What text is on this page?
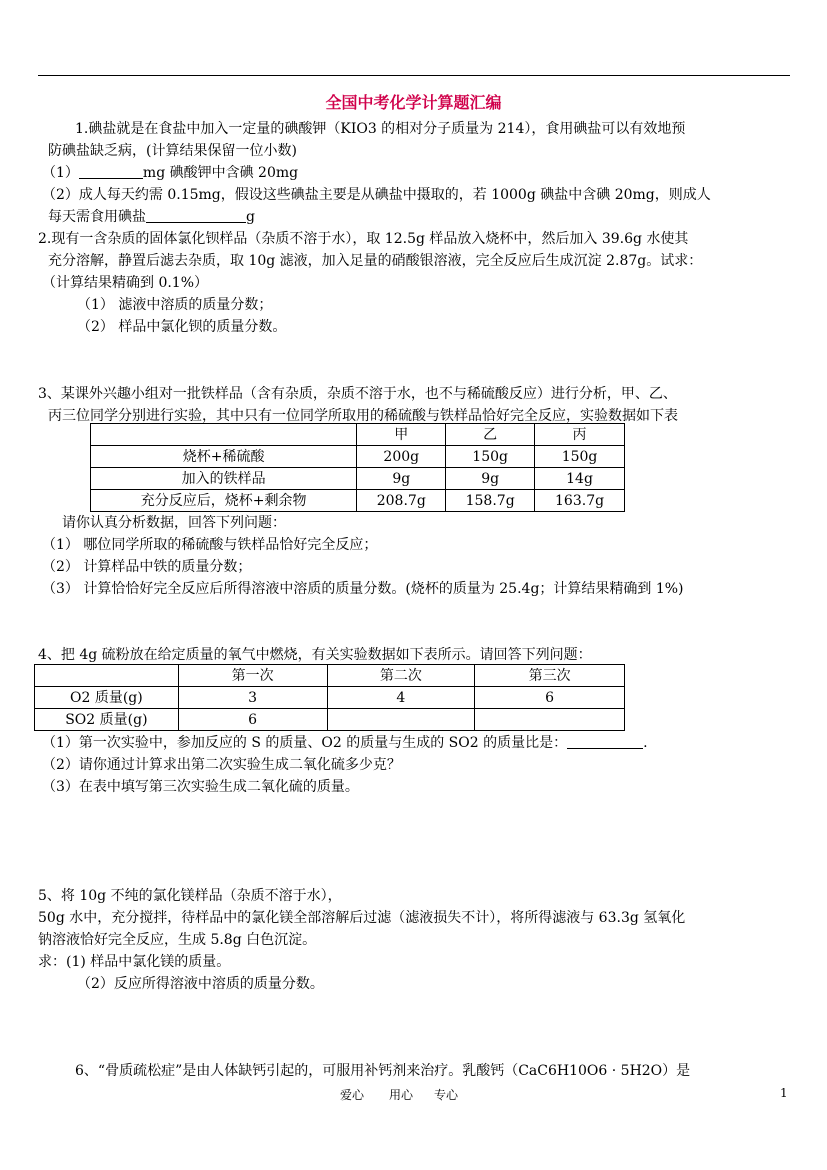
全国中考化学计算题汇编
1.碘盐就是在食盐中加入一定量的碘酸钾（KIO3 的相对分子质量为 214），食用碘盐可以有效地预
防碘盐缺乏病，(计算结果保留一位小数)
（1）	mg 碘酸钾中含碘 20mg
（2）成人每天约需 0.15mg，假设这些碘盐主要是从碘盐中摄取的，若 1000g 碘盐中含碘 20mg，则成人
每天需食用碘盐	g
2.现有一含杂质的固体氯化钡样品（杂质不溶于水），取 12.5g 样品放入烧杯中，然后加入 39.6g 水使其
充分溶解，静置后滤去杂质，取 10g 滤液，加入足量的硝酸银溶液，完全反应后生成沉淀 2.87g。试求：
（计算结果精确到 0.1%）
（1） 滤液中溶质的质量分数；
（2） 样品中氯化钡的质量分数。
3、某课外兴趣小组对一批铁样品（含有杂质，杂质不溶于水，也不与稀硫酸反应）进行分析，甲、乙、
丙三位同学分别进行实验，其中只有一位同学所取用的稀硫酸与铁样品恰好完全反应，实验数据如下表
	甲	乙	丙
烧杯+稀硫酸	200g	150g	150g
加入的铁样品	9g	9g	14g
充分反应后，烧杯+剩余物	208.7g	158.7g	163.7g
请你认真分析数据，回答下列问题：
（1） 哪位同学所取的稀硫酸与铁样品恰好完全反应；
（2） 计算样品中铁的质量分数；
（3） 计算恰恰好完全反应后所得溶液中溶质的质量分数。(烧杯的质量为 25.4g；计算结果精确到 1%)
4、把 4g 硫粉放在给定质量的氧气中燃烧，有关实验数据如下表所示。请回答下列问题：
	第一次	第二次	第三次
O2 质量(g)	3	4	6
SO2 质量(g)	6		
（1）第一次实验中，参加反应的 S 的质量、O2 的质量与生成的 SO2 的质量比是：	.
（2）请你通过计算求出第二次实验生成二氧化硫多少克？
（3）在表中填写第三次实验生成二氧化硫的质量。
5、将 10g 不纯的氯化镁样品（杂质不溶于水），
50g 水中，充分搅拌，待样品中的氯化镁全部溶解后过滤（滤液损失不计），将所得滤液与 63.3g 氢氧化
钠溶液恰好完全反应，生成 5.8g 白色沉淀。
求：(1) 样品中氯化镁的质量。
（2）反应所得溶液中溶质的质量分数。
6、“骨质疏松症”是由人体缺钙引起的，可服用补钙剂来治疗。乳酸钙（CaC6H10O6 · 5H2O）是
爱心 用心 专心	1
